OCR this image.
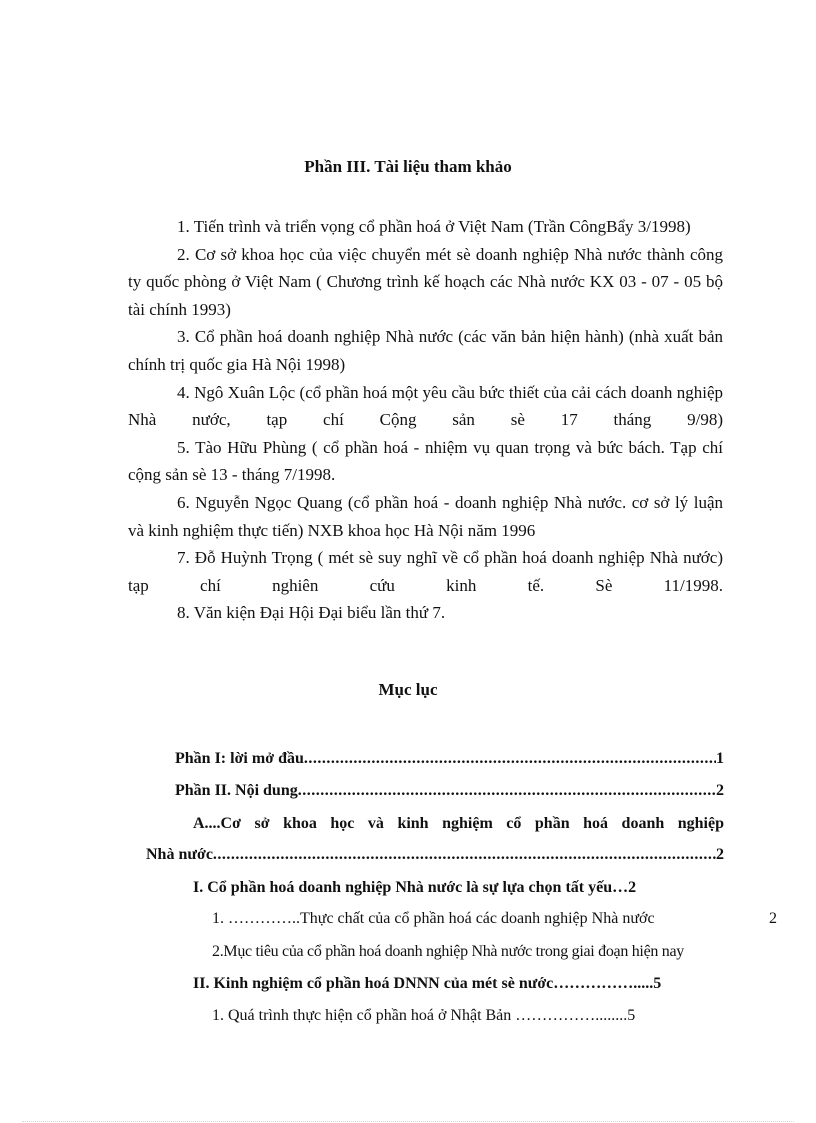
Phần III. Tài liệu tham khảo

1. Tiến trình và triển vọng cổ phần hoá ở Việt Nam (Trần CôngBẩy 3/1998)

2. Cơ sở khoa học của việc chuyển mét sè doanh nghiệp Nhà nước thành công ty quốc phòng ở Việt Nam ( Chương trình kế hoạch các Nhà nước KX 03 - 07 - 05 bộ tài chính 1993)

3. Cổ phần hoá doanh nghiệp Nhà nước (các văn bản hiện hành) (nhà xuất bản chính trị quốc gia Hà Nội 1998)

4. Ngô Xuân Lộc (cổ phần hoá một yêu cầu bức thiết của cải cách doanh nghiệp Nhà nước, tạp chí Cộng sản sè 17 tháng 9/98)

5. Tào Hữu Phùng ( cổ phần hoá - nhiệm vụ quan trọng và bức bách. Tạp chí cộng sản sè 13 - tháng 7/1998.

6. Nguyễn Ngọc Quang (cổ phần hoá - doanh nghiệp Nhà nước. cơ sở lý luận và kinh nghiệm thực tiến) NXB khoa học Hà Nội năm 1996

7. Đỗ Huỳnh Trọng ( mét sè suy nghĩ về cổ phần hoá doanh nghiệp Nhà nước) tạp chí nghiên cứu kinh tế. Sè 11/1998.

8. Văn kiện Đại Hội Đại biểu lần thứ 7.

Mục lục
Phần I: lời mở đầu .....	1
Phần II. Nội dung .....	2
A....Cơ sở khoa học và kinh nghiệm cổ phần hoá doanh nghiệp
Nhà nước .....	2
I. Cổ phần hoá doanh nghiệp Nhà nước là sự lựa chọn tất yếu…2
1. …………..Thực chất của cổ phần hoá các doanh nghiệp Nhà nước	2
2.Mục tiêu của cổ phần hoá doanh nghiệp Nhà nước trong giai đoạn hiện nay
II. Kinh nghiệm cổ phần hoá DNNN của mét sè nước…………….....5
1. Quá trình thực hiện cổ phần hoá ở Nhật Bản ……………........5
